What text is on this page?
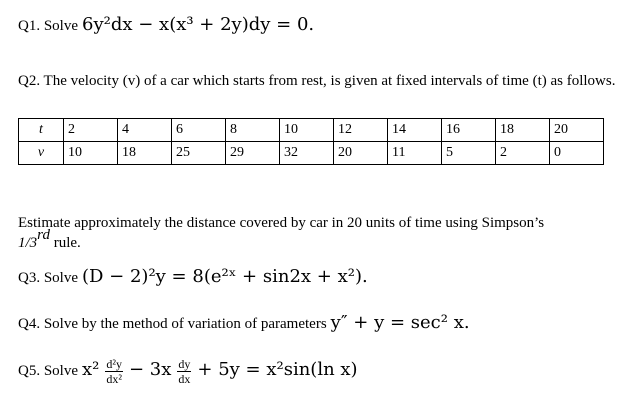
Q1. Solve 6y²dx − x(x³ + 2y)dy = 0.
Q2. The velocity (v) of a car which starts from rest, is given at fixed intervals of time (t) as follows.
t	2	4	6	8	10	12	14	16	18	20
v	10	18	25	29	32	20	11	5	2	0
Estimate approximately the distance covered by car in 20 units of time using Simpson’s
1/3rd rule.
Q3. Solve (D − 2)²y = 8(e²ˣ + sin2x + x²).
Q4. Solve by the method of variation of parameters y″ + y = sec² x.
Q5. Solve $x^2 \frac{\text{d²y}}{\text{dx²}} - 3x \frac{dy}{dx} + 5y = x^2\sin(\ln$ x)
